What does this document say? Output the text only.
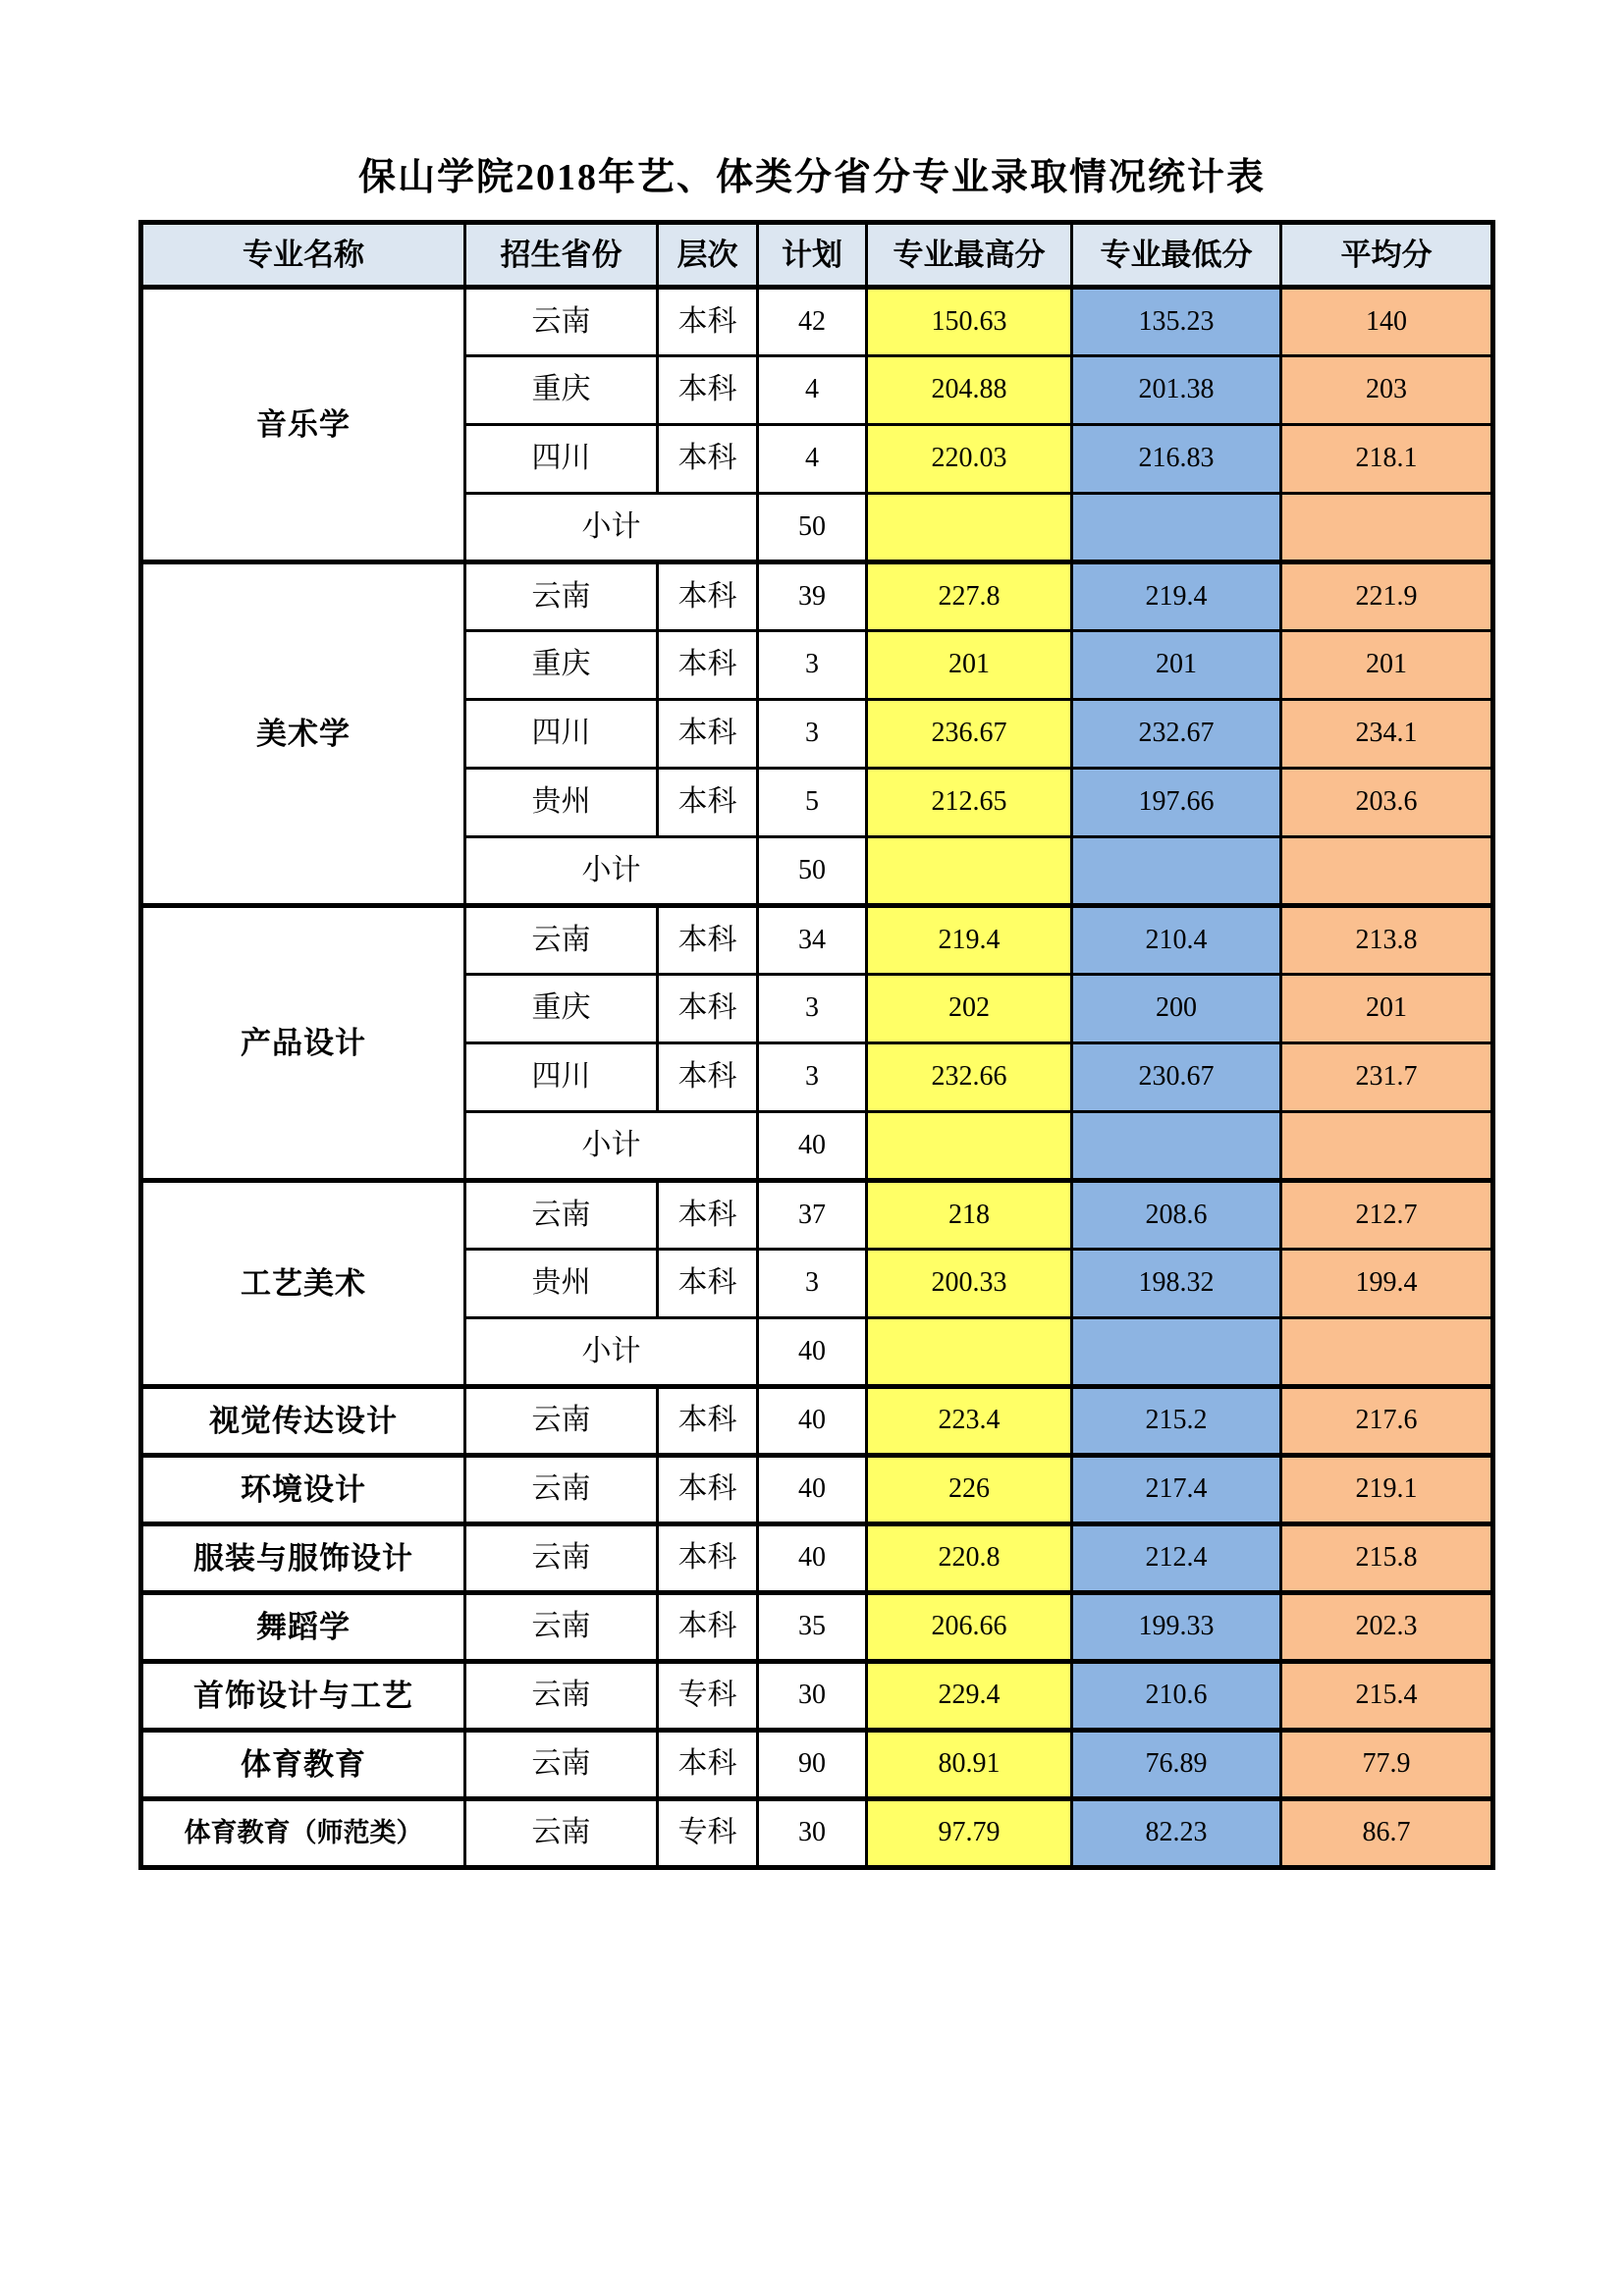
保山学院2018年艺、体类分省分专业录取情况统计表
专业名称	招生省份	层次	计划	专业最高分	专业最低分	平均分
音乐学	云南	本科	42	150.63	135.23	140
	重庆	本科	4	204.88	201.38	203
	四川	本科	4	220.03	216.83	218.1
	小计		50			
美术学	云南	本科	39	227.8	219.4	221.9
	重庆	本科	3	201	201	201
	四川	本科	3	236.67	232.67	234.1
	贵州	本科	5	212.65	197.66	203.6
	小计		50			
产品设计	云南	本科	34	219.4	210.4	213.8
	重庆	本科	3	202	200	201
	四川	本科	3	232.66	230.67	231.7
	小计		40			
工艺美术	云南	本科	37	218	208.6	212.7
	贵州	本科	3	200.33	198.32	199.4
	小计		40			
视觉传达设计	云南	本科	40	223.4	215.2	217.6
环境设计	云南	本科	40	226	217.4	219.1
服装与服饰设计	云南	本科	40	220.8	212.4	215.8
舞蹈学	云南	本科	35	206.66	199.33	202.3
首饰设计与工艺	云南	专科	30	229.4	210.6	215.4
体育教育	云南	本科	90	80.91	76.89	77.9
体育教育（师范类）	云南	专科	30	97.79	82.23	86.7
